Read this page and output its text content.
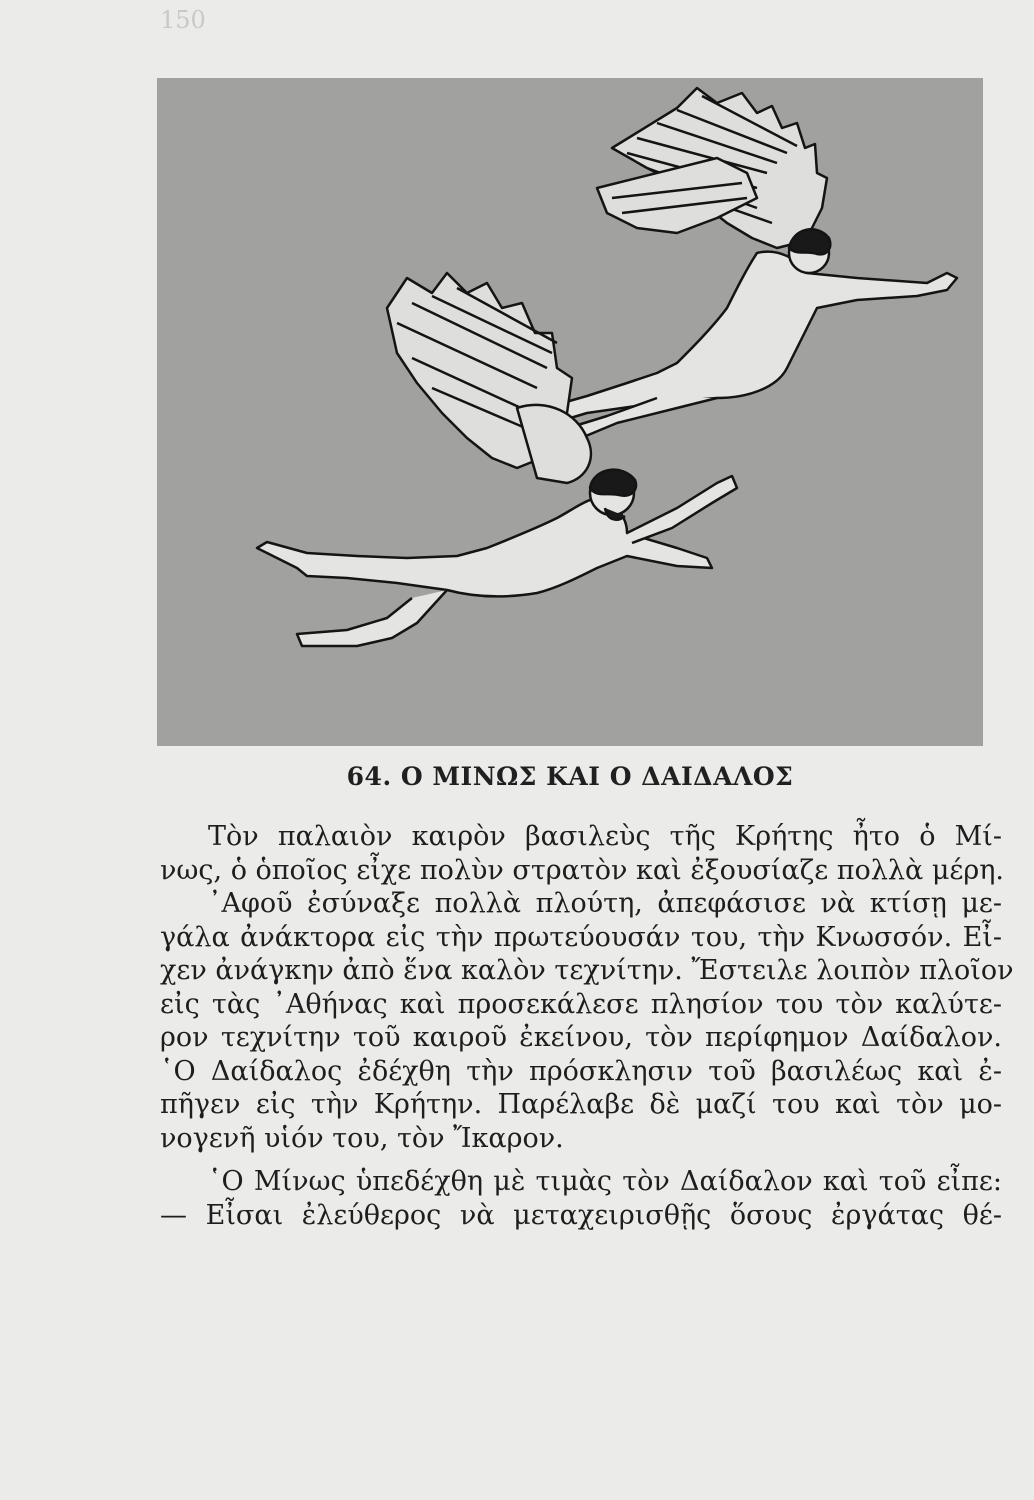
150
64. Ο ΜΙΝΩΣ ΚΑΙ Ο ΔΑΙΔΑΛΟΣ
Τὸν παλαιὸν καιρὸν βασιλεὺς τῆς Κρήτης ἦτο ὁ Μί-
νως, ὁ ὁποῖος εἶχε πολὺν στρατὸν καὶ ἐξουσίαζε πολλὰ μέρη.
᾿Αφοῦ ἐσύναξε πολλὰ πλούτη, ἀπεφάσισε νὰ κτίσῃ με-
γάλα ἀνάκτορα εἰς τὴν πρωτεύουσάν του, τὴν Κνωσσόν. Εἶ-
χεν ἀνάγκην ἀπὸ ἕνα καλὸν τεχνίτην. Ἔστειλε λοιπὸν πλοῖον
εἰς τὰς ᾿Αθήνας καὶ προσεκάλεσε πλησίον του τὸν καλύτε-
ρον τεχνίτην τοῦ καιροῦ ἐκείνου, τὸν περίφημον Δαίδαλον.
῾Ο Δαίδαλος ἐδέχθη τὴν πρόσκλησιν τοῦ βασιλέως καὶ ἐ-
πῆγεν εἰς τὴν Κρήτην. Παρέλαβε δὲ μαζί του καὶ τὸν μο-
νογενῆ υἱόν του, τὸν Ἴκαρον.
῾Ο Μίνως ὑπεδέχθη μὲ τιμὰς τὸν Δαίδαλον καὶ τοῦ εἶπε:
— Εἶσαι ἐλεύθερος νὰ μεταχειρισθῇς ὅσους ἐργάτας θέ-
